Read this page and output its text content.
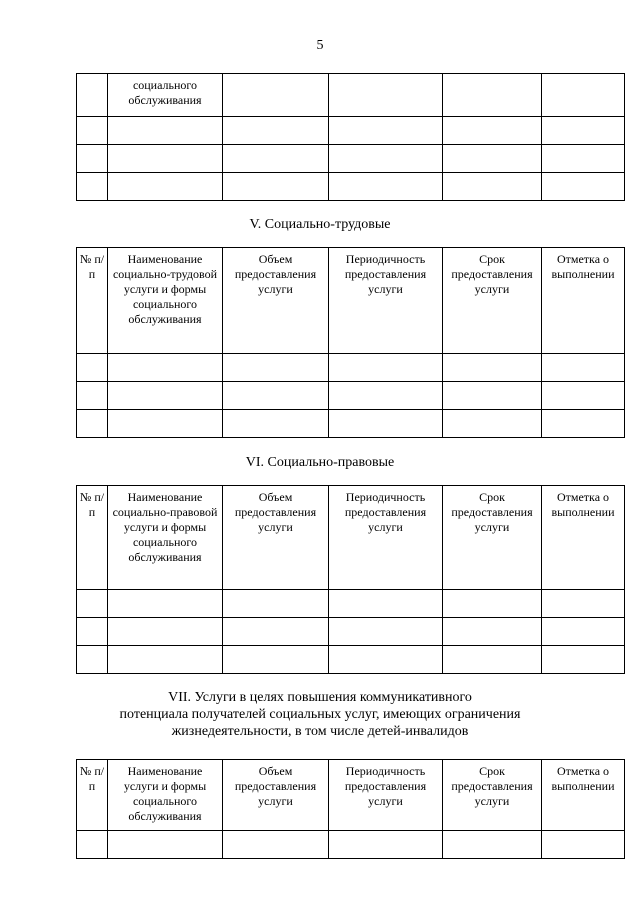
5
	социального обслуживания				

V. Социально-трудовые
№ п/п	Наименование социально-трудовой услуги и формы социального обслуживания	Объем предоставления услуги	Периодичность предоставления услуги	Срок предоставления услуги	Отметка о выполнении

VI. Социально-правовые
№ п/п	Наименование социально-правовой услуги и формы социального обслуживания	Объем предоставления услуги	Периодичность предоставления услуги	Срок предоставления услуги	Отметка о выполнении

VII. Услуги в целях повышения коммуникативного
потенциала получателей социальных услуг, имеющих ограничения
жизнедеятельности, в том числе детей-инвалидов
№ п/п	Наименование услуги и формы социального обслуживания	Объем предоставления услуги	Периодичность предоставления услуги	Срок предоставления услуги	Отметка о выполнении
